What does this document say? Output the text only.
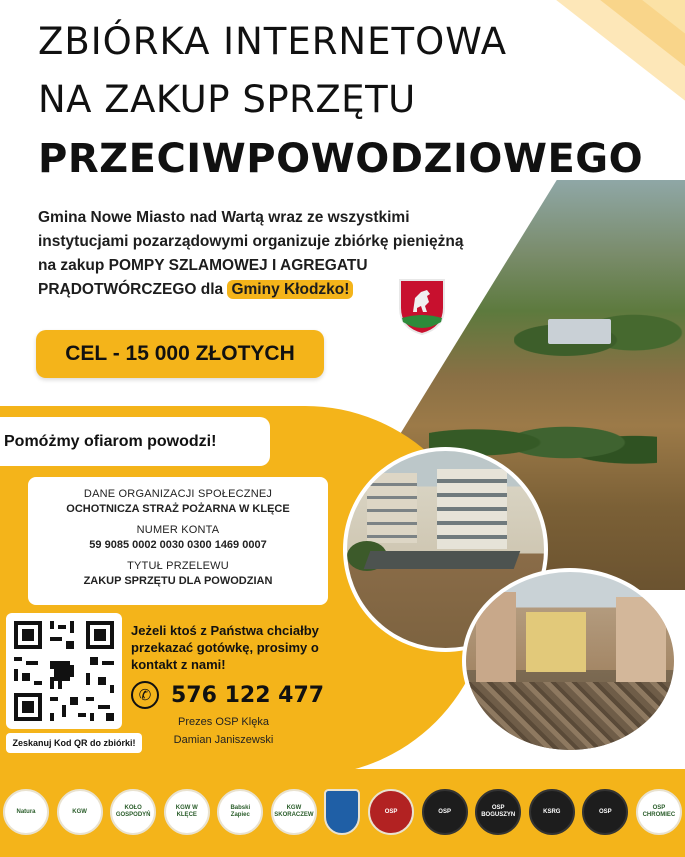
ZBIÓRKA INTERNETOWA
NA ZAKUP SPRZĘTU
PRZECIWPOWODZIOWEGO

Gmina Nowe Miasto nad Wartą wraz ze wszystkimi instytucjami pozarządowymi organizuje zbiórkę pieniężną na zakup POMPY SZLAMOWEJ I AGREGATU PRĄDOTWÓRCZEGO dla Gminy Kłodzko!

CEL - 15 000 ZŁOTYCH
Pomóżmy ofiarom powodzi!
DANE ORGANIZACJI SPOŁECZNEJ
OCHOTNICZA STRAŻ POŻARNA W KLĘCE
NUMER KONTA
59 9085 0002 0030 0300 1469 0007
TYTUŁ PRZELEWU
ZAKUP SPRZĘTU DLA POWODZIAN
Zeskanuj Kod QR do zbiórki!

Jeżeli ktoś z Państwa chciałby przekazać gotówkę, prosimy o kontakt z nami!

✆ 576 122 477
Prezes OSP Klęka
Damian Janiszewski
Natura	KGW
KOŁO GOSPODYŃ
KGW W KLĘCE
Babski Zapiec
KGW SKORACZEW
OSP	OSP
OSP BOGUSZYN
KSRG	OSP
OSP CHROMIEC
